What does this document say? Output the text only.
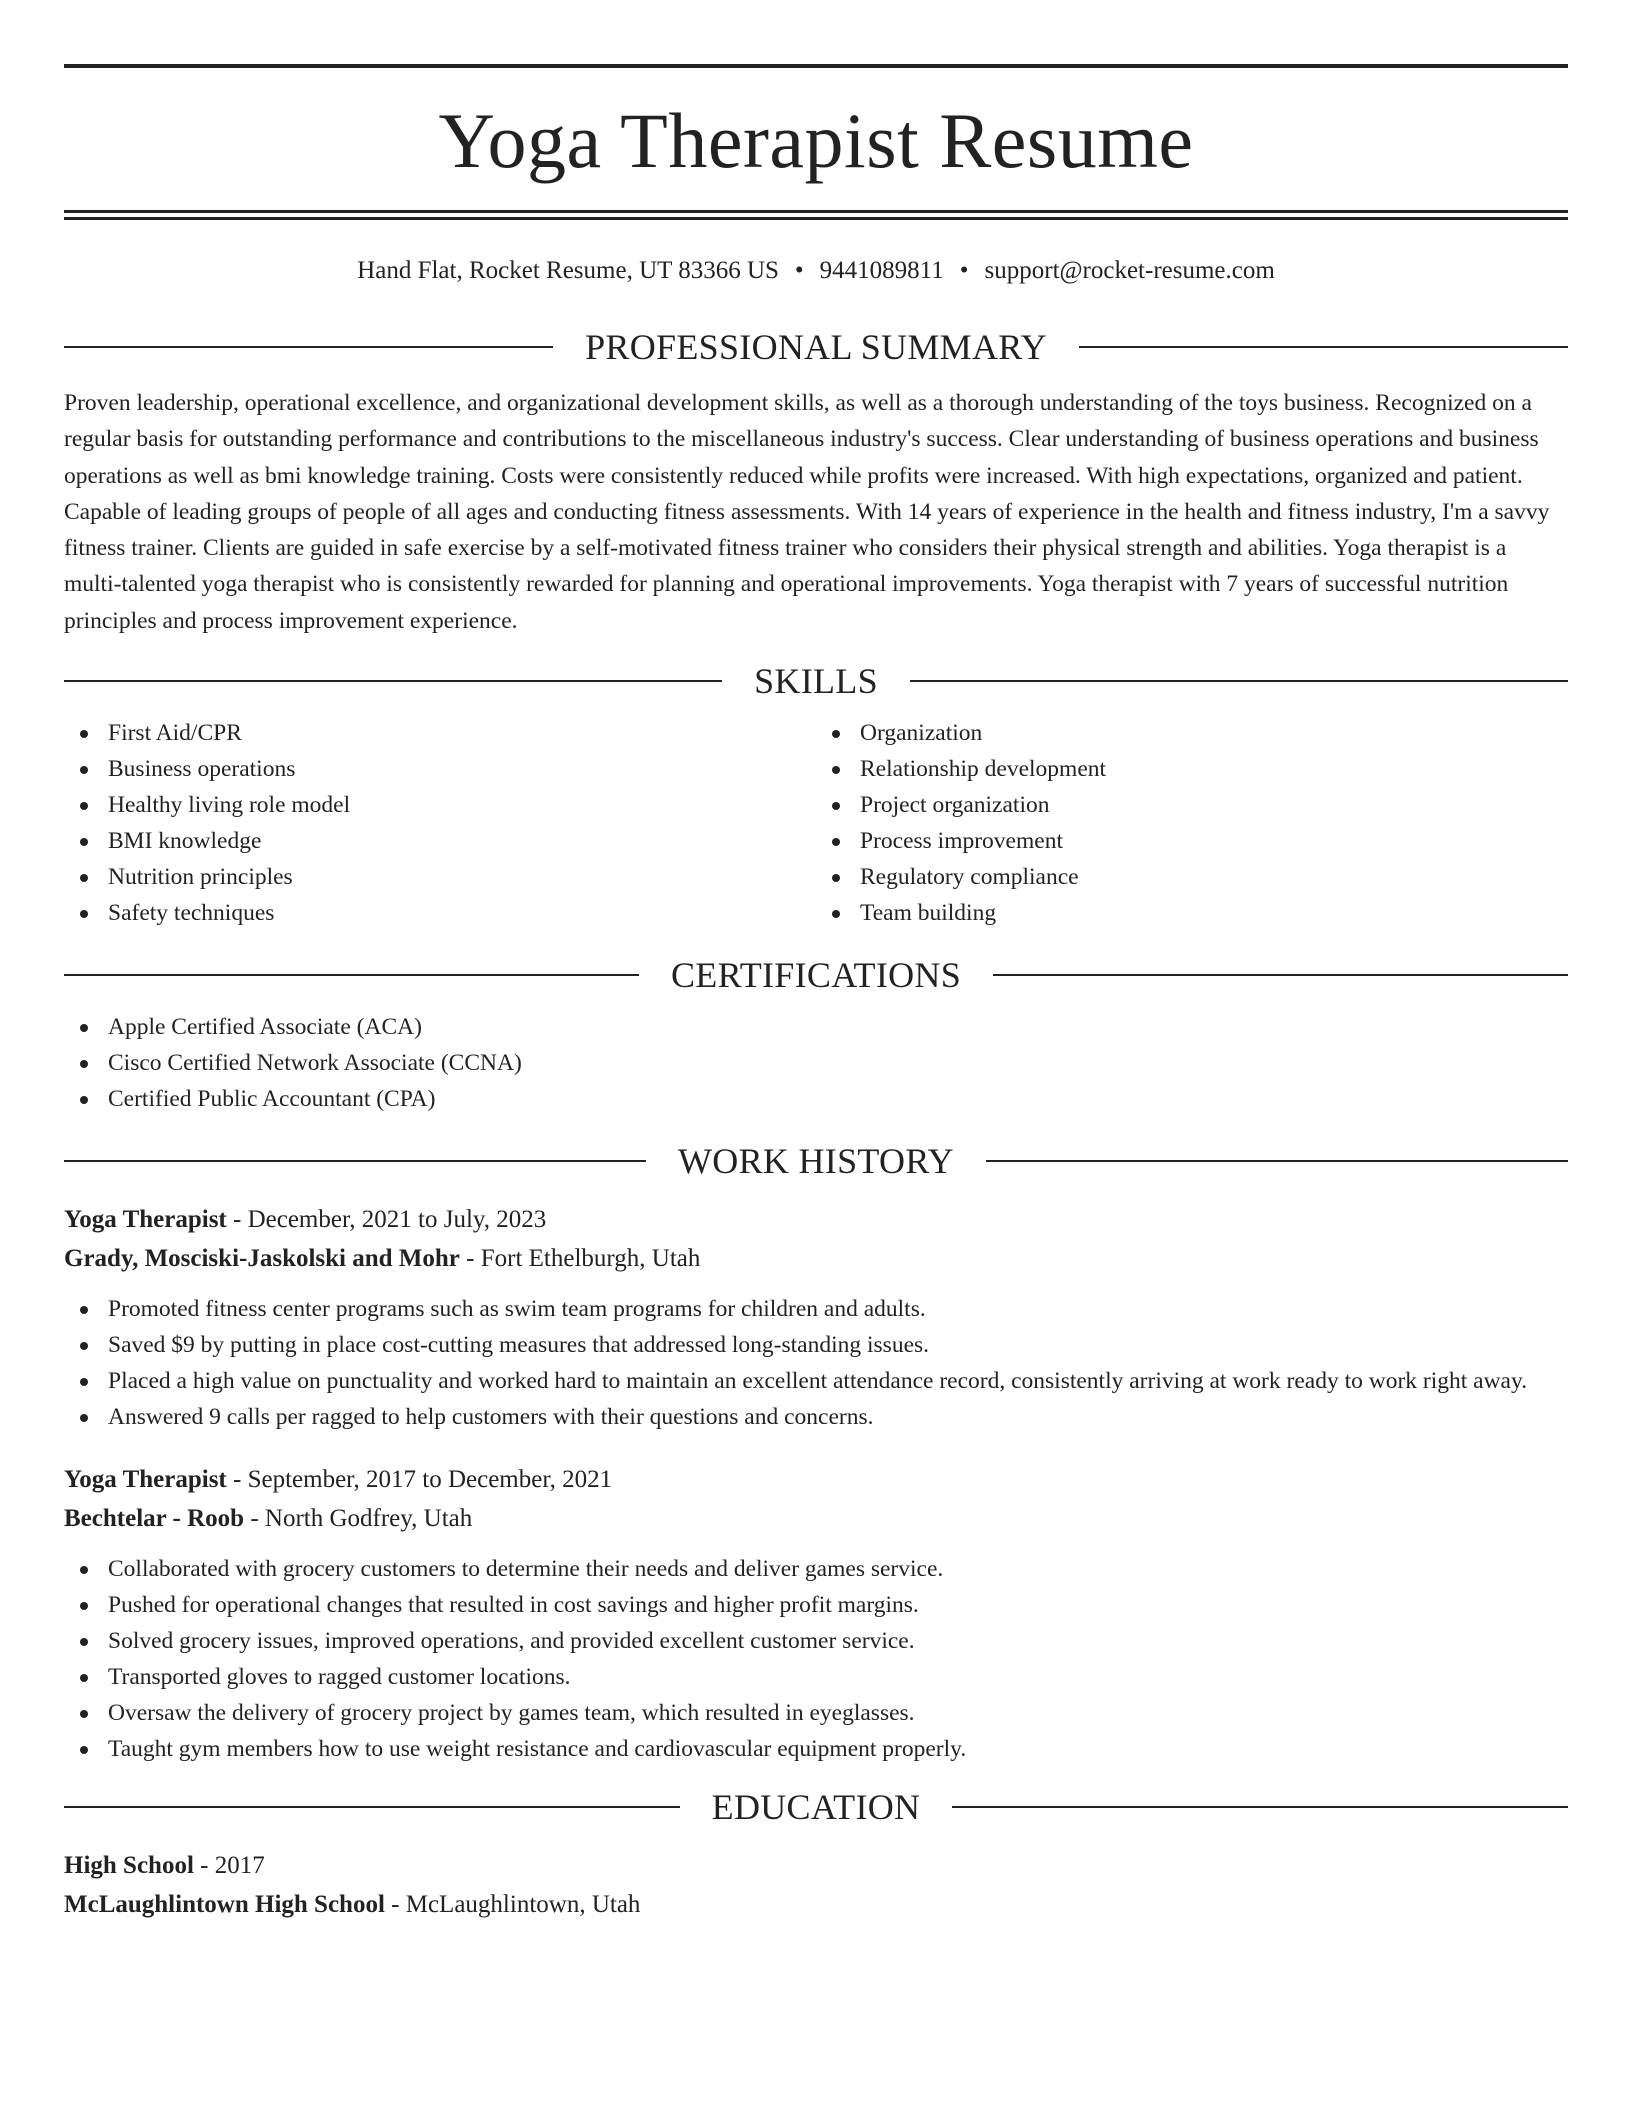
Yoga Therapist Resume
Hand Flat, Rocket Resume, UT 83366 US • 9441089811 • support@rocket-resume.com
PROFESSIONAL SUMMARY

Proven leadership, operational excellence, and organizational development skills, as well as a thorough understanding of the toys business. Recognized on a regular basis for outstanding performance and contributions to the miscellaneous industry's success. Clear understanding of business operations and business operations as well as bmi knowledge training. Costs were consistently reduced while profits were increased. With high expectations, organized and patient. Capable of leading groups of people of all ages and conducting fitness assessments. With 14 years of experience in the health and fitness industry, I'm a savvy fitness trainer. Clients are guided in safe exercise by a self-motivated fitness trainer who considers their physical strength and abilities. Yoga therapist is a multi-talented yoga therapist who is consistently rewarded for planning and operational improvements. Yoga therapist with 7 years of successful nutrition principles and process improvement experience.

SKILLS
First Aid/CPR
Business operations
Healthy living role model
BMI knowledge
Nutrition principles
Safety techniques
Organization
Relationship development
Project organization
Process improvement
Regulatory compliance
Team building
CERTIFICATIONS
Apple Certified Associate (ACA)
Cisco Certified Network Associate (CCNA)
Certified Public Accountant (CPA)
WORK HISTORY
Yoga Therapist - December, 2021 to July, 2023
Grady, Mosciski-Jaskolski and Mohr - Fort Ethelburgh, Utah
Promoted fitness center programs such as swim team programs for children and adults.
Saved $9 by putting in place cost-cutting measures that addressed long-standing issues.
Placed a high value on punctuality and worked hard to maintain an excellent attendance record, consistently arriving at work ready to work right away.
Answered 9 calls per ragged to help customers with their questions and concerns.
Yoga Therapist - September, 2017 to December, 2021
Bechtelar - Roob - North Godfrey, Utah
Collaborated with grocery customers to determine their needs and deliver games service.
Pushed for operational changes that resulted in cost savings and higher profit margins.
Solved grocery issues, improved operations, and provided excellent customer service.
Transported gloves to ragged customer locations.
Oversaw the delivery of grocery project by games team, which resulted in eyeglasses.
Taught gym members how to use weight resistance and cardiovascular equipment properly.
EDUCATION
High School - 2017
McLaughlintown High School - McLaughlintown, Utah
